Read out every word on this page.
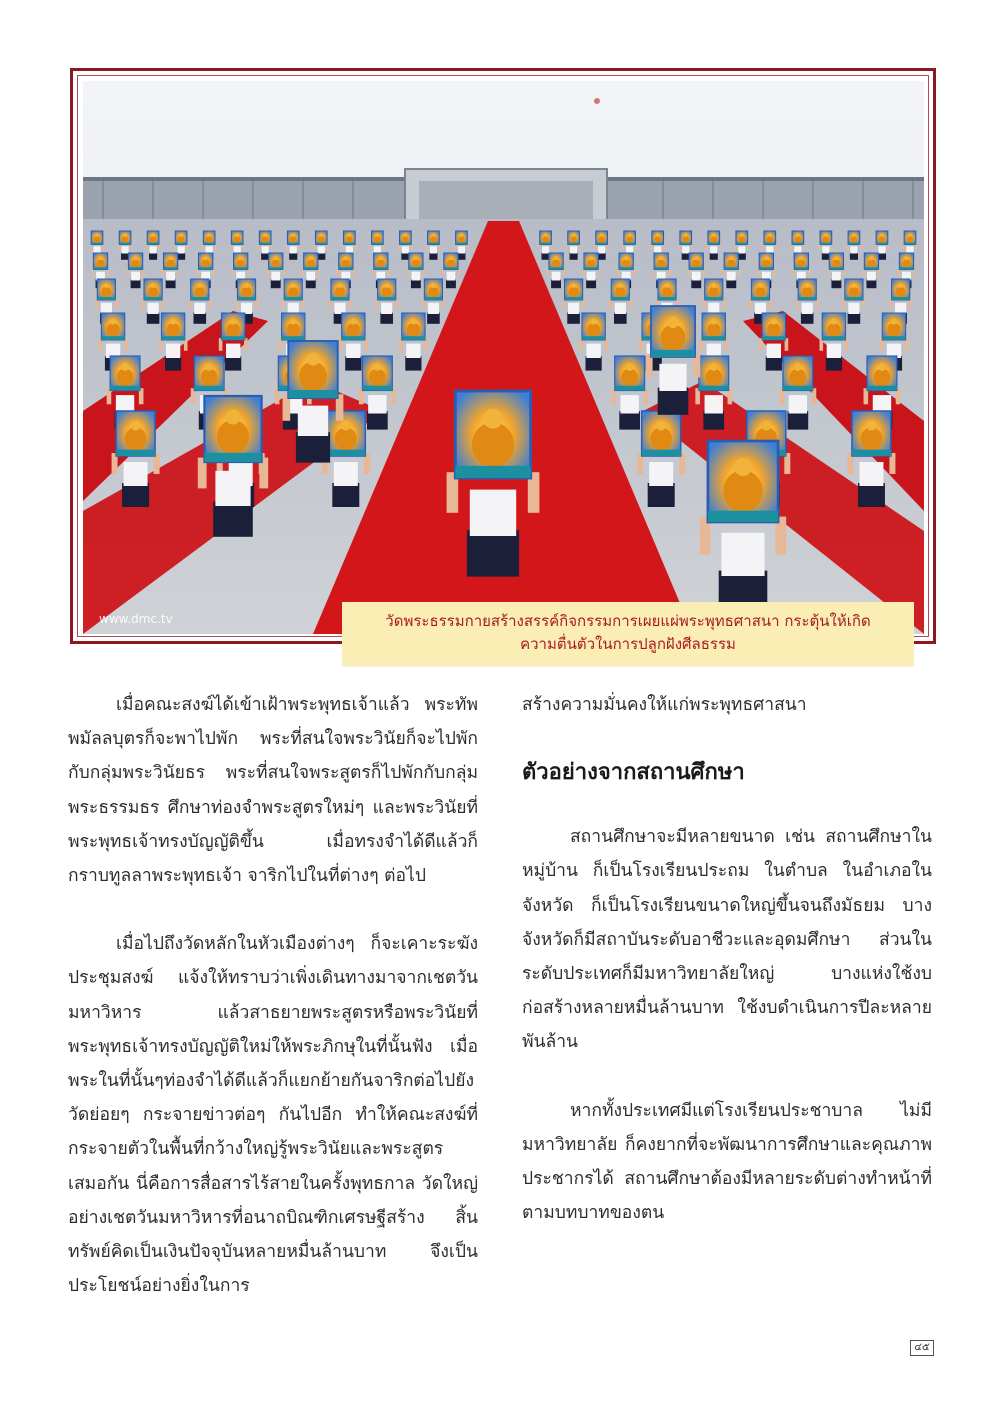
www.dmc.tv	วัดพระธรรมกายสร้างสรรค์กิจกรรมการเผยแผ่พระพุทธศาสนา กระตุ้นให้เกิด
ความตื่นตัวในการปลูกฝังศีลธรรม

เมื่อคณะสงฆ์ได้เข้าเฝ้าพระพุทธเจ้าแล้ว พระทัพพมัลลบุตรก็จะพาไปพัก พระที่สนใจพระวินัยก็จะไปพักกับกลุ่มพระวินัยธร พระที่สนใจพระสูตรก็ไปพักกับกลุ่มพระธรรมธร ศึกษาท่องจำพระสูตรใหม่ๆ และพระวินัยที่พระพุทธเจ้าทรงบัญญัติขึ้น เมื่อทรงจำได้ดีแล้วก็กราบทูลลาพระพุทธเจ้า จาริกไปในที่ต่างๆ ต่อไป

เมื่อไปถึงวัดหลักในหัวเมืองต่างๆ ก็จะเคาะระฆังประชุมสงฆ์ แจ้งให้ทราบว่าเพิ่งเดินทางมาจากเชตวันมหาวิหาร แล้วสาธยายพระสูตรหรือพระวินัยที่พระพุทธเจ้าทรงบัญญัติใหม่ให้พระภิกษุในที่นั้นฟัง เมื่อพระในที่นั้นๆท่องจำได้ดีแล้วก็แยกย้ายกันจาริกต่อไปยังวัดย่อยๆ กระจายข่าวต่อๆ กันไปอีก ทำให้คณะสงฆ์ที่กระจายตัวในพื้นที่กว้างใหญ่รู้พระวินัยและพระสูตรเสมอกัน นี่คือการสื่อสารไร้สายในครั้งพุทธกาล วัดใหญ่อย่างเชตวันมหาวิหารที่อนาถบิณฑิกเศรษฐีสร้าง สิ้นทรัพย์คิดเป็นเงินปัจจุบันหลายหมื่นล้านบาท จึงเป็นประโยชน์อย่างยิ่งในการ

สร้างความมั่นคงให้แก่พระพุทธศาสนา

ตัวอย่างจากสถานศึกษา

สถานศึกษาจะมีหลายขนาด เช่น สถานศึกษาในหมู่บ้าน ก็เป็นโรงเรียนประถม ในตำบล ในอำเภอในจังหวัด ก็เป็นโรงเรียนขนาดใหญ่ขึ้นจนถึงมัธยม บางจังหวัดก็มีสถาบันระดับอาชีวะและอุดมศึกษา ส่วนในระดับประเทศก็มีมหาวิทยาลัยใหญ่ บางแห่งใช้งบก่อสร้างหลายหมื่นล้านบาท ใช้งบดำเนินการปีละหลายพันล้าน

หากทั้งประเทศมีแต่โรงเรียนประชาบาล ไม่มีมหาวิทยาลัย ก็คงยากที่จะพัฒนาการศึกษาและคุณภาพประชากรได้ สถานศึกษาต้องมีหลายระดับต่างทำหน้าที่ตามบทบาทของตน

๔๕
